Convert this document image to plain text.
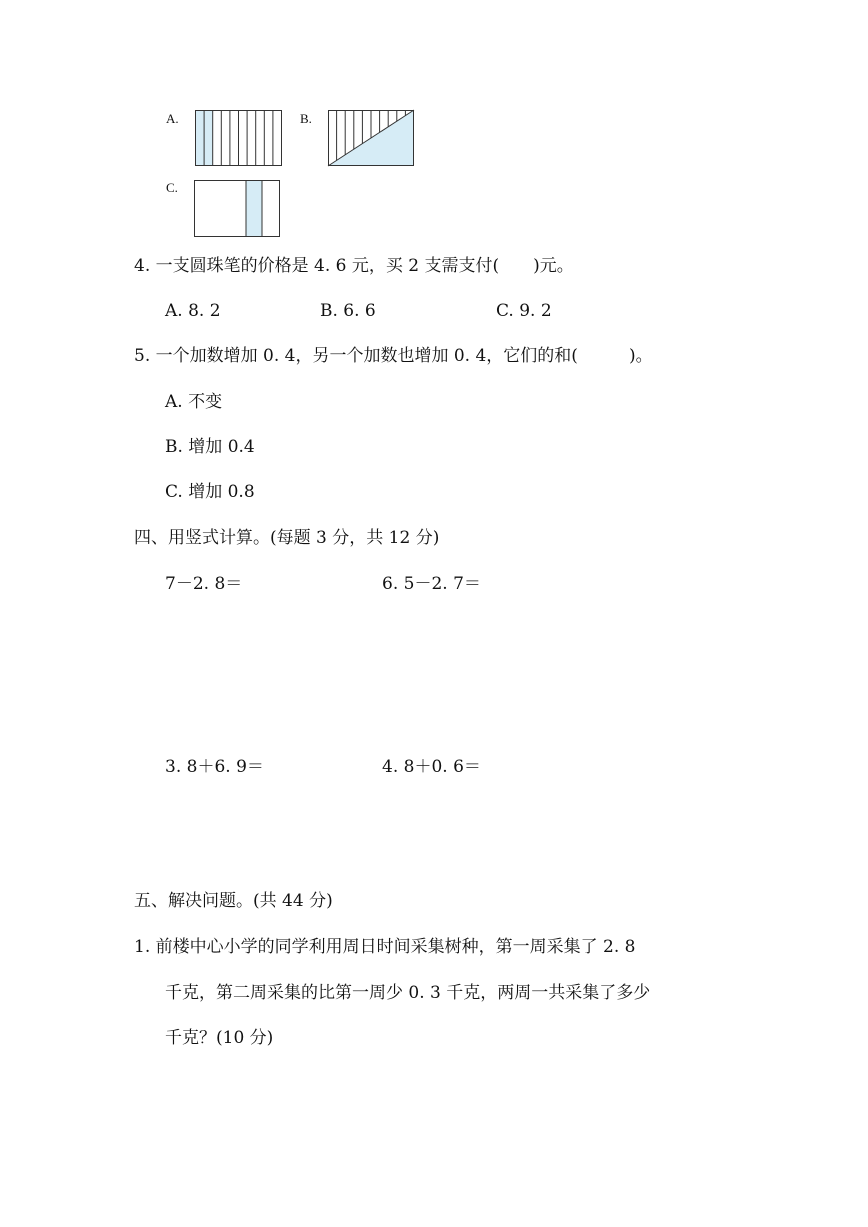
A.	B.
C.
4. 一支圆珠笔的价格是 4. 6 元，买 2 支需支付(　　)元。
A. 8. 2	B. 6. 6	C. 9. 2
5. 一个加数增加 0. 4，另一个加数也增加 0. 4，它们的和(　　　)。
A. 不变
B. 增加 0.4
C. 增加 0.8
四、用竖式计算。(每题 3 分，共 12 分)
7－2. 8＝	6. 5－2. 7＝
3. 8＋6. 9＝	4. 8＋0. 6＝
五、解决问题。(共 44 分)
1. 前楼中心小学的同学利用周日时间采集树种，第一周采集了 2. 8
千克，第二周采集的比第一周少 0. 3 千克，两周一共采集了多少
千克？(10 分)
